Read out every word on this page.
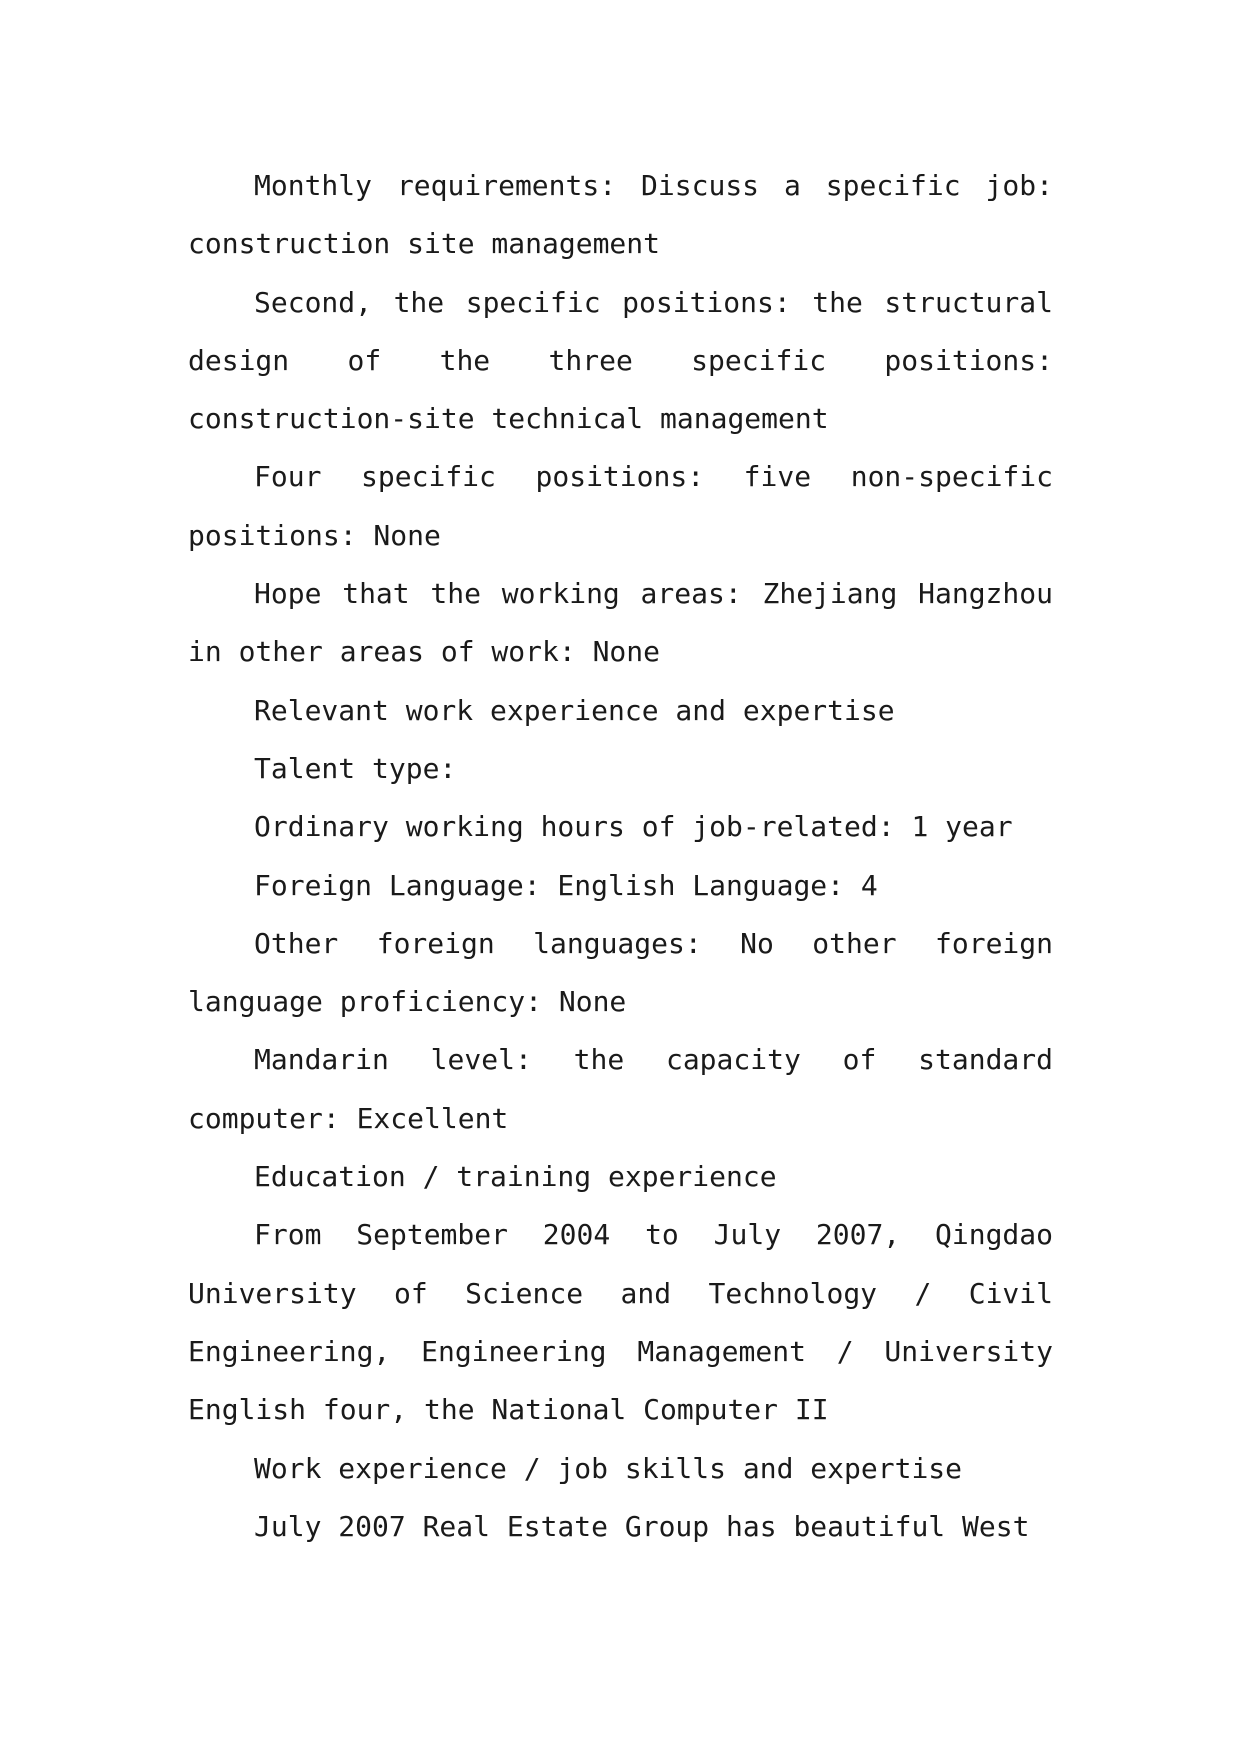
Monthly requirements: Discuss a specific job: construction site management

Second, the specific positions: the structural design of the three specific positions: construction-site technical management

Four specific positions: five non-specific positions: None

Hope that the working areas: Zhejiang Hangzhou in other areas of work: None

Relevant work experience and expertise

Talent type:

Ordinary working hours of job-related: 1 year

Foreign Language: English Language: 4

Other foreign languages: No other foreign language proficiency: None

Mandarin level: the capacity of standard computer: Excellent

Education / training experience

From September 2004 to July 2007, Qingdao University of Science and Technology / Civil Engineering, Engineering Management / University English four, the National Computer II

Work experience / job skills and expertise

July 2007 Real Estate Group has beautiful West
